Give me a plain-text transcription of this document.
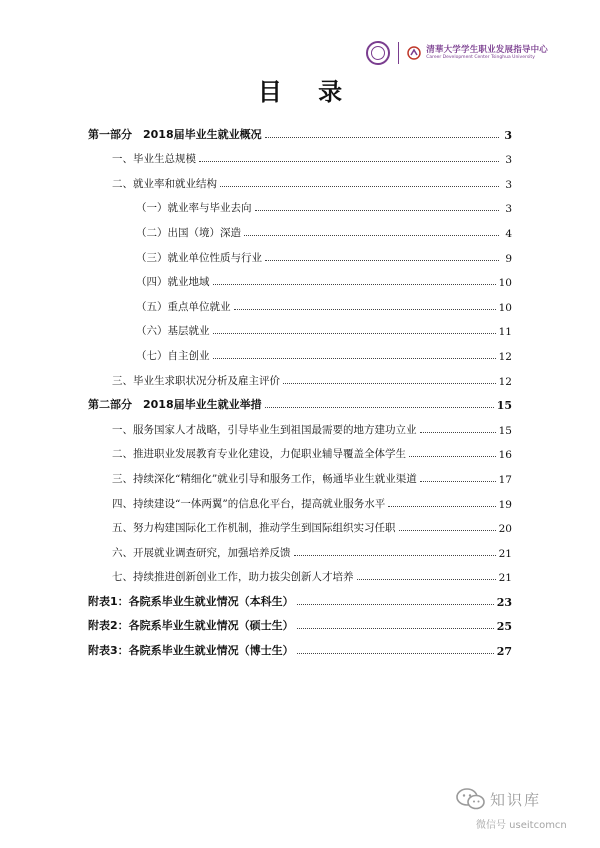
清華大学学生职业发展指导中心
Career Development Center Tsinghua University
目 录
第一部分　2018届毕业生就业概况	3
一、毕业生总规模	3
二、就业率和就业结构	3
（一）就业率与毕业去向	3
（二）出国（境）深造	4
（三）就业单位性质与行业	9
（四）就业地域	10
（五）重点单位就业	10
（六）基层就业	11
（七）自主创业	12
三、毕业生求职状况分析及雇主评价	12
第二部分　2018届毕业生就业举措	15
一、服务国家人才战略，引导毕业生到祖国最需要的地方建功立业	15
二、推进职业发展教育专业化建设，力促职业辅导覆盖全体学生	16
三、持续深化“精细化”就业引导和服务工作，畅通毕业生就业渠道	17
四、持续建设“一体两翼”的信息化平台，提高就业服务水平	19
五、努力构建国际化工作机制，推动学生到国际组织实习任职	20
六、开展就业调查研究，加强培养反馈	21
七、持续推进创新创业工作，助力拔尖创新人才培养	21
附表1：各院系毕业生就业情况（本科生）	23
附表2：各院系毕业生就业情况（硕士生）	25
附表3：各院系毕业生就业情况（博士生）	27
知识库
微信号 useitcomcn
